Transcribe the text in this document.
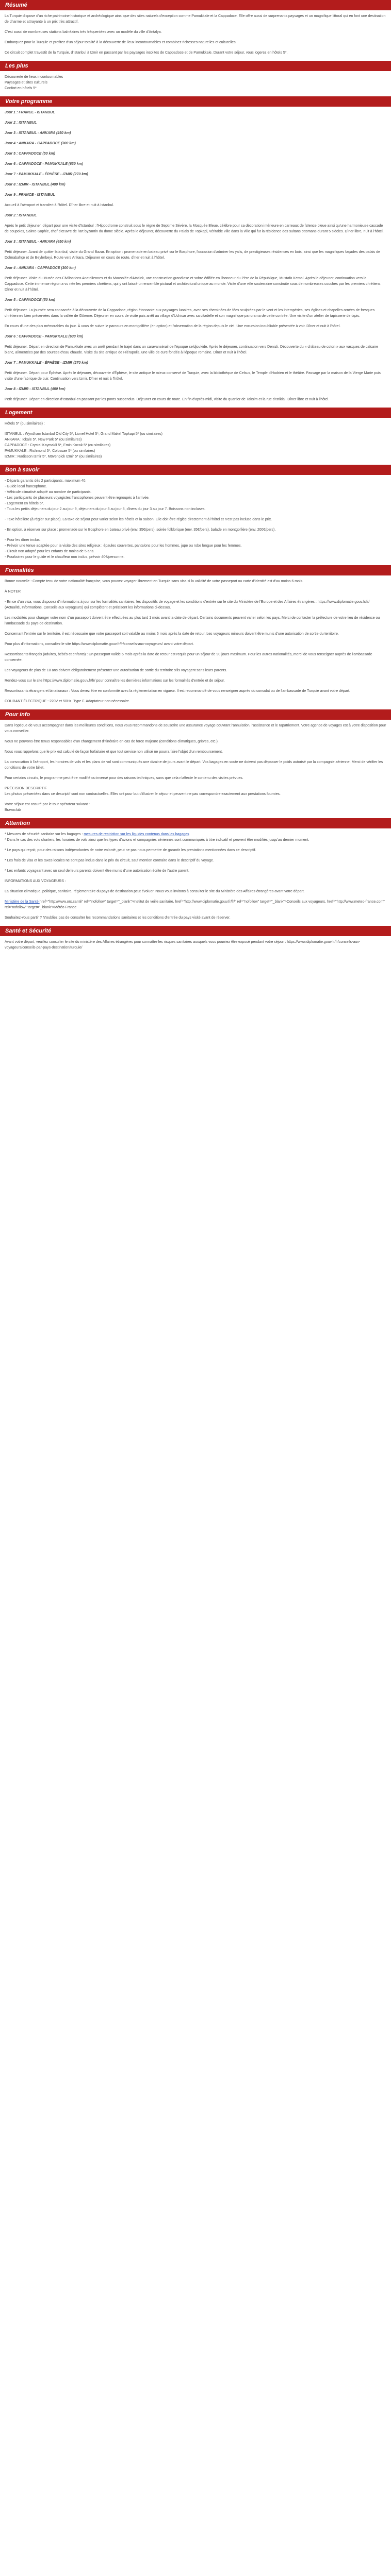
Résumé

La Turquie dispose d'un riche patrimoine historique et archéologique ainsi que des sites naturels d'exception comme Pamukkale et la Cappadoce. Elle offre aussi de surprenants paysages et un magnifique littoral qui en font une destination de charme et attrayante à un prix très attractif.

C'est aussi de nombreuses stations balnéaires très fréquentées avec un modèle du ville d'Antalya.

Embarquez pour la Turquie et profitez d'un séjour totalité à la découverte de lieux incontournables et combinez richesses naturelles et culturelles.

Ce circuit complet travestit de la Turquie, d'Istanbul à Izmir en passant par les paysages insolites de Cappadoce et de Pamukkale. Durant votre séjour, vous logerez en hôtels 5*.

Les plus

Découverte de lieux incontournables
Paysages et sites culturels
Confort en hôtels 5*

Votre programme

Jour 1 : FRANCE - ISTANBUL

Jour 2 : ISTANBUL

Jour 3 : ISTANBUL - ANKARA (450 km)

Jour 4 : ANKARA - CAPPADOCE (300 km)

Jour 5 : CAPPADOCE (50 km)

Jour 6 : CAPPADOCE - PAMUKKALE (630 km)

Jour 7 : PAMUKKALE - ÉPHÈSE - IZMIR (270 km)

Jour 8 : IZMIR - ISTANBUL (480 km)

Jour 9 : FRANCE - ISTANBUL

Accueil à l'aéroport et transfert à l'hôtel. Dîner libre et nuit à Istanbul.

Jour 2 : ISTANBUL

Après le petit déjeuner, départ pour une visite d'Istanbul : l'Hippodrome construit sous le règne de Septime Sévère, la Mosquée Bleue, célèbre pour sa décoration intérieure en carreaux de faïence bleue ainsi qu'une harmonieuse cascade de coupoles, Sainte-Sophie, chef d'œuvre de l'art byzantin du dome siècle. Après le déjeuner, découverte du Palais de Topkapi, véritable ville dans la ville qui fut la résidence des sultans ottomans durant 5 siècles. Dîner libre, nuit à l'hôtel.

Jour 3 : ISTANBUL - ANKARA (450 km)

Petit déjeuner. Avant de quitter Istanbul, visite du Grand Bazar. En option : promenade en bateau privé sur le Bosphore, l'occasion d'admirer les yalis, de prestigieuses résidences en bois, ainsi que les magnifiques façades des palais de Dolmabahçe et de Beylerbeyi. Route vers Ankara. Déjeuner en cours de route, dîner et nuit à l'hôtel.

Jour 4 : ANKARA - CAPPADOCE (300 km)

Petit déjeuner. Visite du Musée des Civilisations Anatoliennes et du Mausolée d'Atatürk, une construction grandiose et sobre édifiée en l'honneur du Père de la République, Mustafa Kemal. Après le déjeuner, continuation vers la Cappadoce. Cette immense région a vu née les premiers chrétiens, qui y ont laissé un ensemble pictural et architectural unique au monde. Visite d'une ville souterraine construite sous de nombreuses couches par les premiers chrétiens. Dîner et nuit à l'hôtel.

Jour 5 : CAPPADOCE (50 km)

Petit déjeuner. La journée sera consacrée à la découverte de la Cappadoce, région étonnante aux paysages lunaires, avec ses cheminées de fées sculptées par le vent et les intempéries, ses églises et chapelles ornées de fresques chrétiennes bien préservées dans la vallée de Göreme. Déjeuner en cours de visite puis arrêt au village d'Uchisar avec sa citadelle et son magnifique panorama de cette contrée. Une visite d'un atelier de tapisserie de tapis.

En cours d'une des plus mémorables du jour. À vous de suivre le parcours en montgolfière (en option) et l'observation de la région depuis le ciel. Une excursion inoubliable présentée à voir. Dîner et nuit à l'hôtel.

Jour 6 : CAPPADOCE - PAMUKKALE (630 km)

Petit déjeuner. Départ en direction de Pamukkale avec un arrêt pendant le trajet dans un caravansérail de l'époque seldjoukide. Après le déjeuner, continuation vers Denizli. Découverte du « château de coton » aux vasques de calcaire blanc, alimentées par des sources d'eau chaude. Visite du site antique de Hiérapolis, une ville de cure fondée à l'époque romaine. Dîner et nuit à l'hôtel.

Jour 7 : PAMUKKALE - ÉPHÈSE - IZMIR (270 km)

Petit déjeuner. Départ pour Éphèse. Après le déjeuner, découverte d'Éphèse, le site antique le mieux conservé de Turquie, avec la bibliothèque de Celsus, le Temple d'Hadrien et le théâtre. Passage par la maison de la Vierge Marie puis visite d'une fabrique de cuir. Continuation vers Izmir. Dîner et nuit à l'hôtel.

Jour 8 : IZMIR - ISTANBUL (480 km)

Petit déjeuner. Départ en direction d'Istanbul en passant par les ponts suspendus. Déjeuner en cours de route. En fin d'après-midi, visite du quartier de Taksim et la rue d'Istiklal. Dîner libre et nuit à l'hôtel.

Logement

Hôtels 5* (ou similaires) :

ISTANBUL : Wyndham Istanbul Old City 5*, Lionel Hotel 5*, Grand Makel Topkapi 5* (ou similaires)
ANKARA : Ickale 5*, New Park 5* (ou similaires)
CAPPADOCE : Crystal Kaymakli 5*, Emin Kocak 5* (ou similaires)
PAMUKKALE : Richmond 5*, Colossae 5* (ou similaires)
IZMIR : Radisson Izmir 5*, Mövenpick Izmir 5* (ou similaires)

Bon à savoir

- Départs garantis dès 2 participants, maximum 40.
- Guide local francophone.
- Véhicule climatisé adapté au nombre de participants.
- Les participants de plusieurs voyagistes francophones peuvent être regroupés à l'arrivée.
- Logement en hôtels 5*.
- Tous les petits déjeuners du jour 2 au jour 9, déjeuners du jour 3 au jour 8, dîners du jour 3 au jour 7. Boissons non incluses.

- Taxe hôtelière (à régler sur place). La taxe de séjour peut varier selon les hôtels et la saison. Elle doit être réglée directement à l'hôtel et n'est pas incluse dans le prix.

- En option, à réserver sur place : promenade sur le Bosphore en bateau privé (env. 35€/pers), soirée folklorique (env. 35€/pers), balade en montgolfière (env. 200€/pers).

- Pour les dîner inclus.
- Prévoir une tenue adaptée pour la visite des sites religieux : épaules couvertes, pantalons pour les hommes, jupe ou robe longue pour les femmes.
- Circuit non adapté pour les enfants de moins de 5 ans.
- Pourboires pour le guide et le chauffeur non inclus, prévoir 40€/personne.

Formalités

Bonne nouvelle : Compte tenu de votre nationalité française, vous pouvez voyager librement en Turquie sans visa si la validité de votre passeport ou carte d'identité est d'au moins 6 mois.

À NOTER

- En ce d'un visa, vous disposez d'informations à jour sur les formalités sanitaires, les dispositifs de voyage et les conditions d'entrée sur le site du Ministère de l'Europe et des Affaires étrangères : https://www.diplomatie.gouv.fr/fr/ (Actualité, Informations, Conseils aux voyageurs) qui complètent et précisent les informations ci-dessus.

Les modalités pour changer votre nom d'un passeport doivent être effectuées au plus tard 1 mois avant la date de départ. Certains documents peuvent varier selon les pays. Merci de contacter la préfecture de votre lieu de résidence ou l'ambassade du pays de destination.

Concernant l'entrée sur le territoire, il est nécessaire que votre passeport soit valable au moins 6 mois après la date de retour. Les voyageurs mineurs doivent être munis d'une autorisation de sortie du territoire.

Pour plus d'informations, consultez le site https://www.diplomatie.gouv.fr/fr/conseils-aux-voyageurs/ avant votre départ.

Ressortissants français (adultes, bébés et enfants) : Un passeport valide 6 mois après la date de retour est requis pour un séjour de 90 jours maximum. Pour les autres nationalités, merci de vous renseigner auprès de l'ambassade concernée.

Les voyageurs de plus de 18 ans doivent obligatoirement présenter une autorisation de sortie du territoire s'ils voyagent sans leurs parents.

Rendez-vous sur le site https://www.diplomatie.gouv.fr/fr/ pour connaître les dernières informations sur les formalités d'entrée et de séjour.

Ressortissants étrangers et binationaux : Vous devez être en conformité avec la réglementation en vigueur. Il est recommandé de vous renseigner auprès du consulat ou de l'ambassade de Turquie avant votre départ.

COURANT ÉLECTRIQUE : 220V et 50Hz. Type F. Adaptateur non nécessaire.

Pour info

Dans l'optique de vous accompagner dans les meilleures conditions, nous vous recommandons de souscrire une assurance voyage couvrant l'annulation, l'assistance et le rapatriement. Votre agence de voyages est à votre disposition pour vous conseiller.

Nous ne pouvons être tenus responsables d'un changement d'itinéraire en cas de force majeure (conditions climatiques, grèves, etc.).

Nous vous rappelons que le prix est calculé de façon forfaitaire et que tout service non utilisé ne pourra faire l'objet d'un remboursement.

La convocation à l'aéroport, les horaires de vols et les plans de vol sont communiqués une dizaine de jours avant le départ. Vos bagages en soute ne doivent pas dépasser le poids autorisé par la compagnie aérienne. Merci de vérifier les conditions de votre billet.

Pour certains circuits, le programme peut être modifié ou inversé pour des raisons techniques, sans que cela n'affecte le contenu des visites prévues.

PRÉCISION DESCRIPTIF
Les photos présentées dans ce descriptif sont non contractuelles. Elles ont pour but d'illustrer le séjour et peuvent ne pas correspondre exactement aux prestations fournies.

Votre séjour est assuré par le tour opérateur suivant :
Bravoclub

Attention

* Mesures de sécurité sanitaire sur les bagages : mesures de restriction sur les liquides contenus dans les bagages
* Dans le cas des vols charters, les horaires de vols ainsi que les types d'avions et compagnies aériennes sont communiqués à titre indicatif et peuvent être modifiés jusqu'au dernier moment.

* Le pays qui reçoit, pour des raisons indépendantes de notre volonté, peut ne pas nous permettre de garantir les prestations mentionnées dans ce descriptif.

* Les frais de visa et les taxes locales ne sont pas inclus dans le prix du circuit, sauf mention contraire dans le descriptif du voyage.

* Les enfants voyageant avec un seul de leurs parents doivent être munis d'une autorisation écrite de l'autre parent.

INFORMATIONS AUX VOYAGEURS :

La situation climatique, politique, sanitaire, réglementaire du pays de destination peut évoluer. Nous vous invitons à consulter le site du Ministère des Affaires étrangères avant votre départ.

Ministère de la Santé href="http://www.ors.santé" rel="nofollow" target="_blank">Institut de veille sanitaire, href="http://www.diplomatie.gouv.fr/fr/" rel="nofollow" target="_blank">Conseils aux voyageurs, href="http://www.meteo-france.com" rel="nofollow" target="_blank">Météo France

Souhaitez-vous partir ? N'oubliez pas de consulter les recommandations sanitaires et les conditions d'entrée du pays visité avant de réserver.

Santé et Sécurité

Avant votre départ, veuillez consulter le site du ministère des Affaires étrangères pour connaître les risques sanitaires auxquels vous pourriez être exposé pendant votre séjour : https://www.diplomatie.gouv.fr/fr/conseils-aux-voyageurs/conseils-par-pays-destination/turquie/
